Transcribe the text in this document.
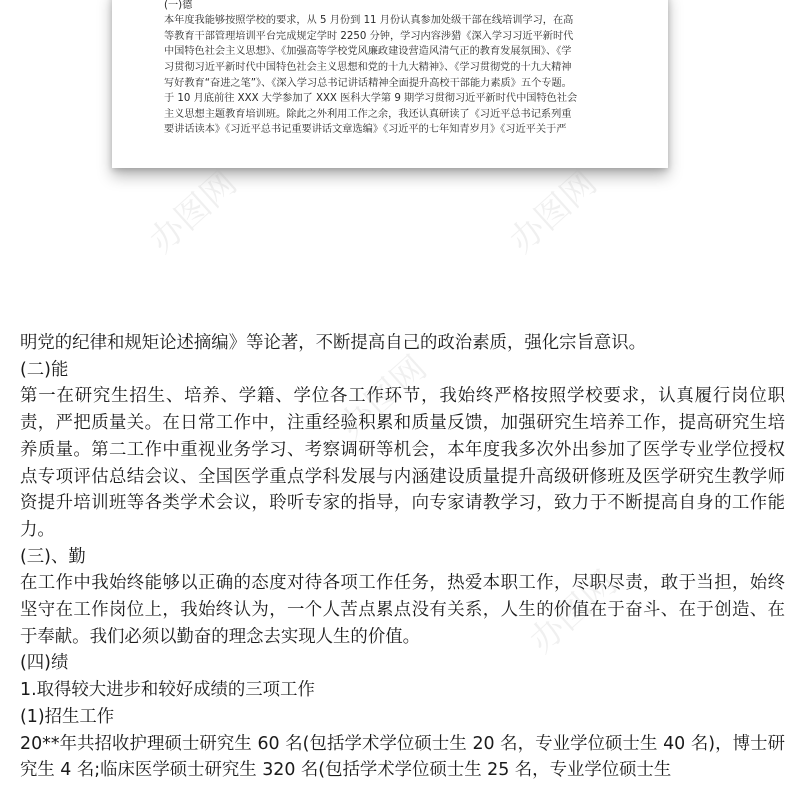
(一)德

本年度我能够按照学校的要求，从 5 月份到 11 月份认真参加处级干部在线培训学习，在高

等教育干部管理培训平台完成规定学时 2250 分钟，学习内容涉猎《深入学习习近平新时代

中国特色社会主义思想》、《加强高等学校党风廉政建设营造风清气正的教育发展氛围》、《学

习贯彻习近平新时代中国特色社会主义思想和党的十九大精神》、《学习贯彻党的十九大精神

写好教育“奋进之笔”》、《深入学习总书记讲话精神全面提升高校干部能力素质》五个专题。

于 10 月底前往 XXX 大学参加了 XXX 医科大学第 9 期学习贯彻习近平新时代中国特色社会

主义思想主题教育培训班。除此之外利用工作之余，我还认真研读了《习近平总书记系列重

要讲话读本》《习近平总书记重要讲话文章选编》《习近平的七年知青岁月》《习近平关于严

办图网	办图网
办图网
办图网

明党的纪律和规矩论述摘编》等论著，不断提高自己的政治素质，强化宗旨意识。

(二)能

第一在研究生招生、培养、学籍、学位各工作环节，我始终严格按照学校要求，认真履行岗位职责，严把质量关。在日常工作中，注重经验积累和质量反馈，加强研究生培养工作，提高研究生培养质量。第二工作中重视业务学习、考察调研等机会，本年度我多次外出参加了医学专业学位授权点专项评估总结会议、全国医学重点学科发展与内涵建设质量提升高级研修班及医学研究生教学师资提升培训班等各类学术会议，聆听专家的指导，向专家请教学习，致力于不断提高自身的工作能力。

(三)、勤

在工作中我始终能够以正确的态度对待各项工作任务，热爱本职工作，尽职尽责，敢于当担，始终坚守在工作岗位上，我始终认为，一个人苦点累点没有关系，人生的价值在于奋斗、在于创造、在于奉献。我们必须以勤奋的理念去实现人生的价值。

(四)绩

1.取得较大进步和较好成绩的三项工作

(1)招生工作

20**年共招收护理硕士研究生 60 名(包括学术学位硕士生 20 名，专业学位硕士生 40 名)，博士研究生 4 名;临床医学硕士研究生 320 名(包括学术学位硕士生 25 名，专业学位硕士生
